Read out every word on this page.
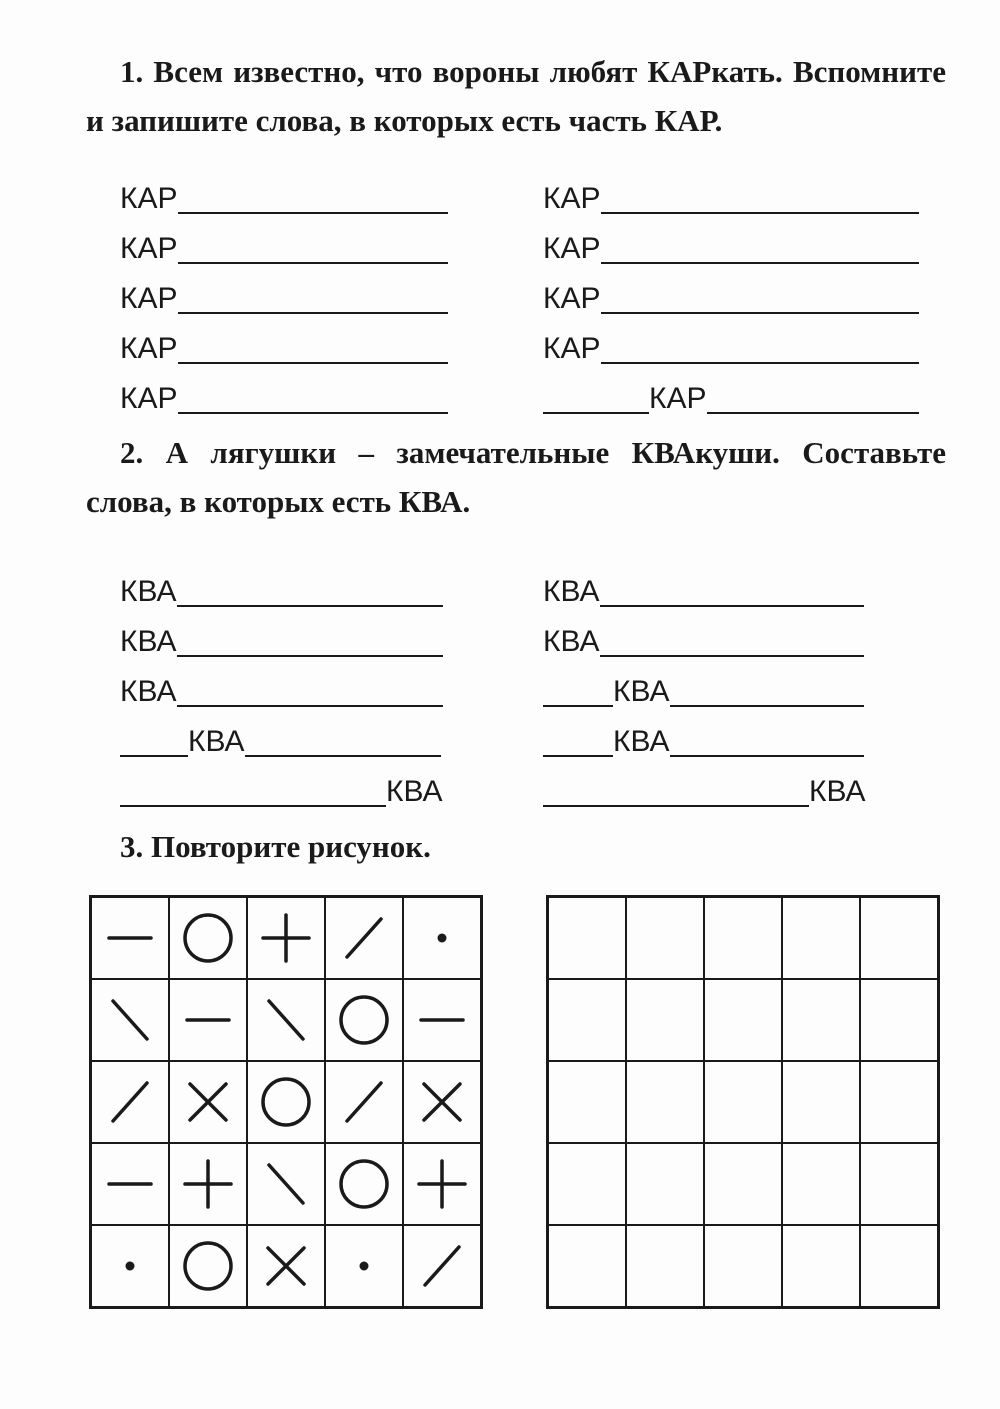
1. Всем известно, что вороны любят КАРкать. Вспомните и запишите слова, в которых есть часть КАР.

КАР
КАР
КАР
КАР
КАР
КАР
КАР
КАР
КАР
КАР

2. А лягушки – замечательные КВАкуши. Составьте слова, в которых есть КВА.

КВА
КВА
КВА
КВА
КВА
КВА
КВА
КВА
КВА
КВА

3. Повторите рисунок.
